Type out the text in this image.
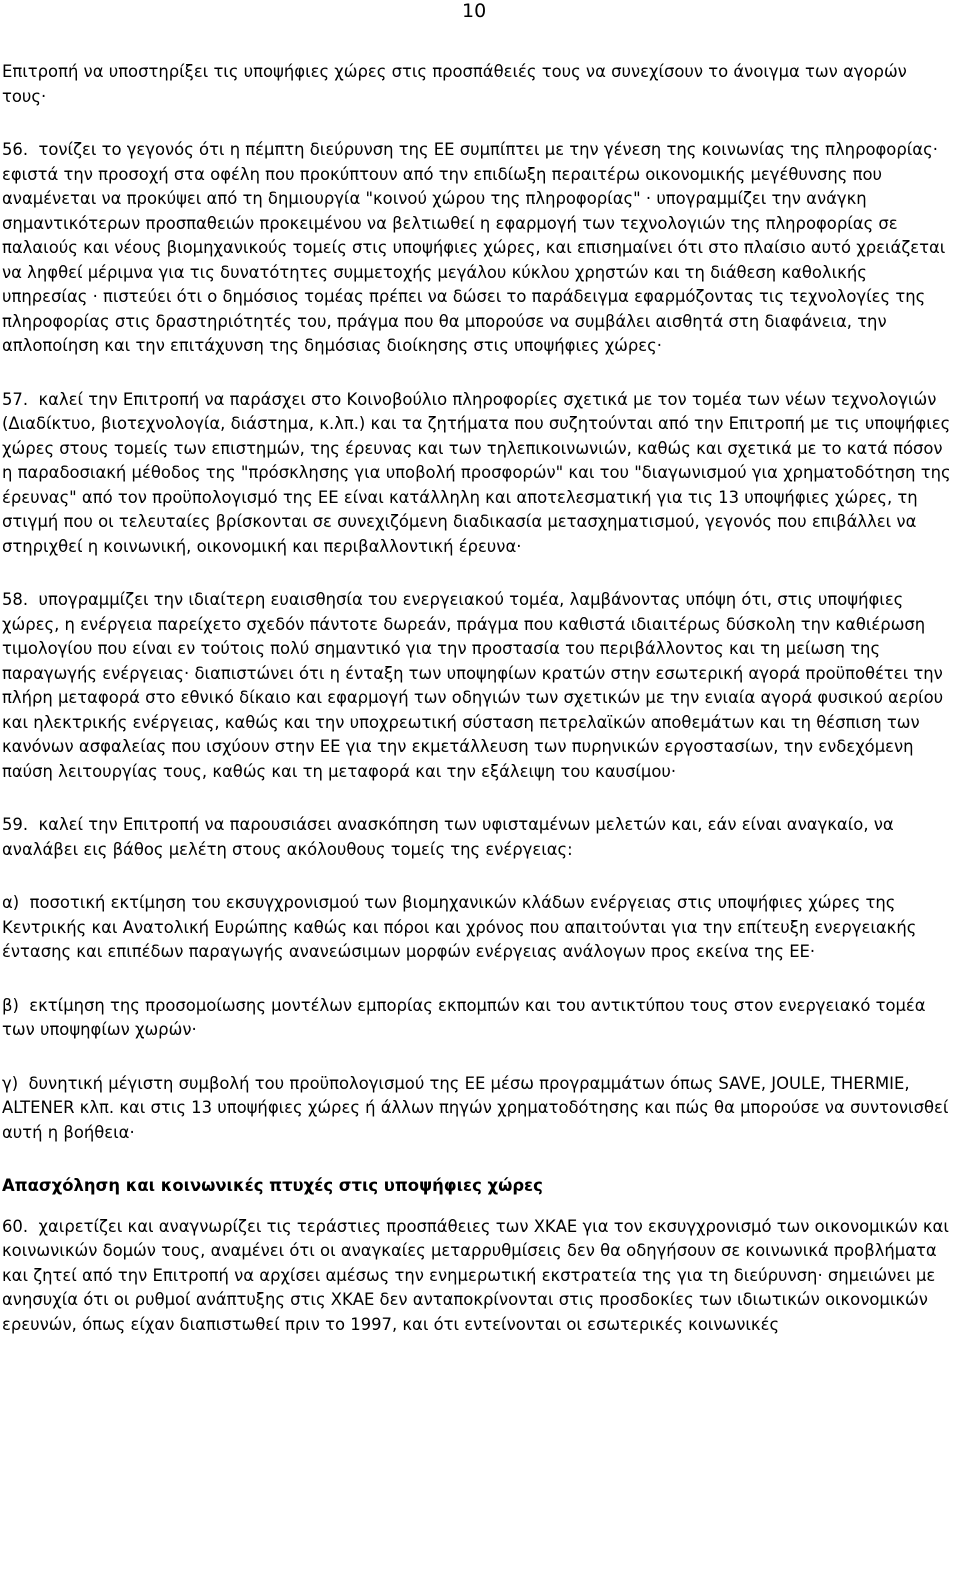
10

Επιτροπή να υποστηρίξει τις υποψήφιες χώρες στις προσπάθειές τους να συνεχίσουν το άνοιγμα των αγορών τους·

56. τονίζει το γεγονός ότι η πέμπτη διεύρυνση της ΕΕ συμπίπτει με την γένεση της κοινωνίας της πληροφορίας· εφιστά την προσοχή στα οφέλη που προκύπτουν από την επιδίωξη περαιτέρω οικονομικής μεγέθυνσης που αναμένεται να προκύψει από τη δημιουργία "κοινού χώρου της πληροφορίας" · υπογραμμίζει την ανάγκη σημαντικότερων προσπαθειών προκειμένου να βελτιωθεί η εφαρμογή των τεχνολογιών της πληροφορίας σε παλαιούς και νέους βιομηχανικούς τομείς στις υποψήφιες χώρες, και επισημαίνει ότι στο πλαίσιο αυτό χρειάζεται να ληφθεί μέριμνα για τις δυνατότητες συμμετοχής μεγάλου κύκλου χρηστών και τη διάθεση καθολικής υπηρεσίας · πιστεύει ότι ο δημόσιος τομέας πρέπει να δώσει το παράδειγμα εφαρμόζοντας τις τεχνολογίες της πληροφορίας στις δραστηριότητές του, πράγμα που θα μπορούσε να συμβάλει αισθητά στη διαφάνεια, την απλοποίηση και την επιτάχυνση της δημόσιας διοίκησης στις υποψήφιες χώρες·

57. καλεί την Επιτροπή να παράσχει στο Κοινοβούλιο πληροφορίες σχετικά με τον τομέα των νέων τεχνολογιών (Διαδίκτυο, βιοτεχνολογία, διάστημα, κ.λπ.) και τα ζητήματα που συζητούνται από την Επιτροπή με τις υποψήφιες χώρες στους τομείς των επιστημών, της έρευνας και των τηλεπικοινωνιών, καθώς και σχετικά με το κατά πόσον η παραδοσιακή μέθοδος της "πρόσκλησης για υποβολή προσφορών" και του "διαγωνισμού για χρηματοδότηση της έρευνας" από τον προϋπολογισμό της ΕΕ είναι κατάλληλη και αποτελεσματική για τις 13 υποψήφιες χώρες, τη στιγμή που οι τελευταίες βρίσκονται σε συνεχιζόμενη διαδικασία μετασχηματισμού, γεγονός που επιβάλλει να στηριχθεί η κοινωνική, οικονομική και περιβαλλοντική έρευνα·

58. υπογραμμίζει την ιδιαίτερη ευαισθησία του ενεργειακού τομέα, λαμβάνοντας υπόψη ότι, στις υποψήφιες χώρες, η ενέργεια παρείχετο σχεδόν πάντοτε δωρεάν, πράγμα που καθιστά ιδιαιτέρως δύσκολη την καθιέρωση τιμολογίου που είναι εν τούτοις πολύ σημαντικό για την προστασία του περιβάλλοντος και τη μείωση της παραγωγής ενέργειας· διαπιστώνει ότι η ένταξη των υποψηφίων κρατών στην εσωτερική αγορά προϋποθέτει την πλήρη μεταφορά στο εθνικό δίκαιο και εφαρμογή των οδηγιών των σχετικών με την ενιαία αγορά φυσικού αερίου και ηλεκτρικής ενέργειας, καθώς και την υποχρεωτική σύσταση πετρελαϊκών αποθεμάτων και τη θέσπιση των κανόνων ασφαλείας που ισχύουν στην ΕΕ για την εκμετάλλευση των πυρηνικών εργοστασίων, την ενδεχόμενη παύση λειτουργίας τους, καθώς και τη μεταφορά και την εξάλειψη του καυσίμου·

59. καλεί την Επιτροπή να παρουσιάσει ανασκόπηση των υφισταμένων μελετών και, εάν είναι αναγκαίο, να αναλάβει εις βάθος μελέτη στους ακόλουθους τομείς της ενέργειας:

α) ποσοτική εκτίμηση του εκσυγχρονισμού των βιομηχανικών κλάδων ενέργειας στις υποψήφιες χώρες της Κεντρικής και Ανατολική Ευρώπης καθώς και πόροι και χρόνος που απαιτούνται για την επίτευξη ενεργειακής έντασης και επιπέδων παραγωγής ανανεώσιμων μορφών ενέργειας ανάλογων προς εκείνα της ΕΕ·

β) εκτίμηση της προσομοίωσης μοντέλων εμπορίας εκπομπών και του αντικτύπου τους στον ενεργειακό τομέα των υποψηφίων χωρών·

γ) δυνητική μέγιστη συμβολή του προϋπολογισμού της ΕΕ μέσω προγραμμάτων όπως SAVE, JOULE, THERMIE, ALTENER κλπ. και στις 13 υποψήφιες χώρες ή άλλων πηγών χρηματοδότησης και πώς θα μπορούσε να συντονισθεί αυτή η βοήθεια·

Απασχόληση και κοινωνικές πτυχές στις υποψήφιες χώρες

60. χαιρετίζει και αναγνωρίζει τις τεράστιες προσπάθειες των ΧΚΑΕ για τον εκσυγχρονισμό των οικονομικών και κοινωνικών δομών τους, αναμένει ότι οι αναγκαίες μεταρρυθμίσεις δεν θα οδηγήσουν σε κοινωνικά προβλήματα και ζητεί από την Επιτροπή να αρχίσει αμέσως την ενημερωτική εκστρατεία της για τη διεύρυνση· σημειώνει με ανησυχία ότι οι ρυθμοί ανάπτυξης στις ΧΚΑΕ δεν ανταποκρίνονται στις προσδοκίες των ιδιωτικών οικονομικών ερευνών, όπως είχαν διαπιστωθεί πριν το 1997, και ότι εντείνονται οι εσωτερικές κοινωνικές
